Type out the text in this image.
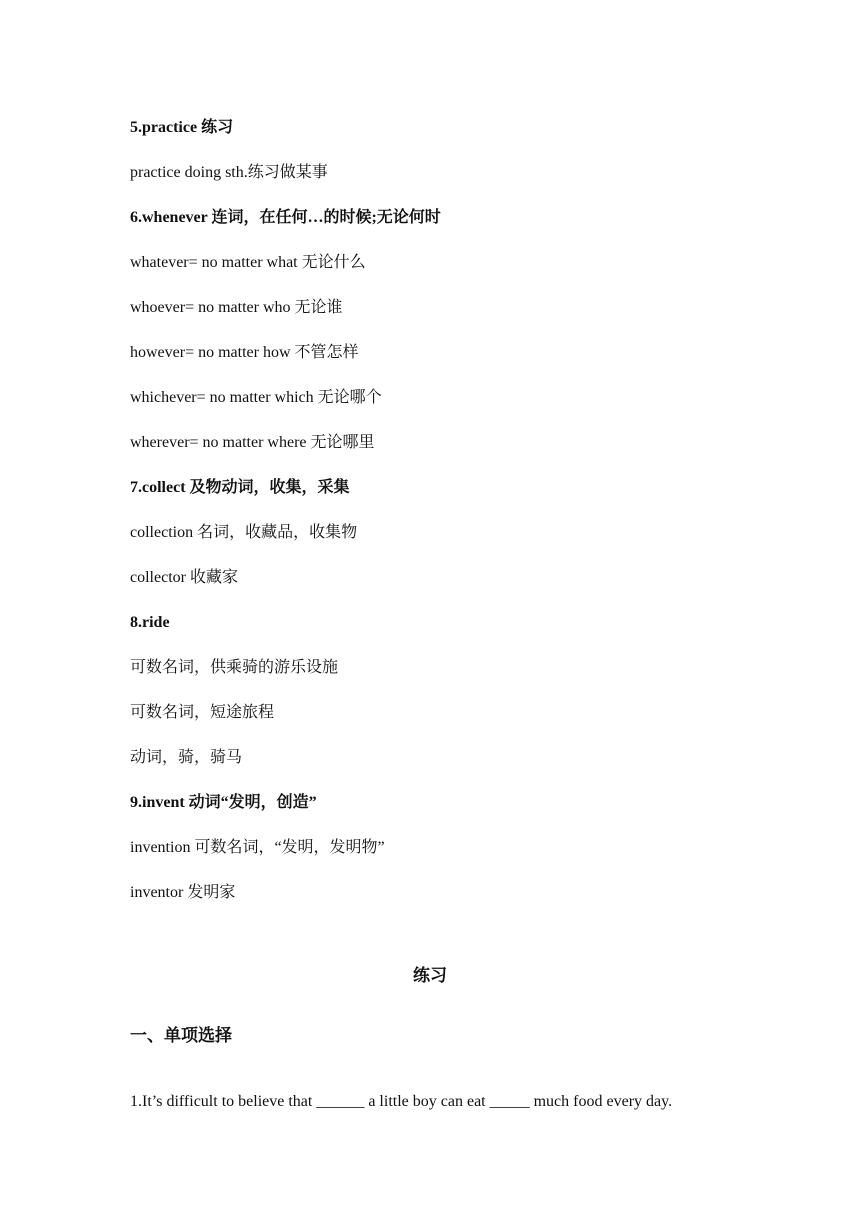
5.practice 练习
practice doing sth.练习做某事
6.whenever 连词，在任何…的时候;无论何时
whatever= no matter what 无论什么
whoever= no matter who 无论谁
however= no matter how 不管怎样
whichever= no matter which 无论哪个
wherever= no matter where 无论哪里
7.collect 及物动词，收集，采集
collection 名词，收藏品，收集物
collector 收藏家
8.ride
可数名词，供乘骑的游乐设施
可数名词，短途旅程
动词，骑，骑马
9.invent 动词“发明，创造”
invention 可数名词，“发明，发明物”
inventor 发明家
练习
一、单项选择
1.It’s difficult to believe that ______ a little boy can eat _____ much food every day.
